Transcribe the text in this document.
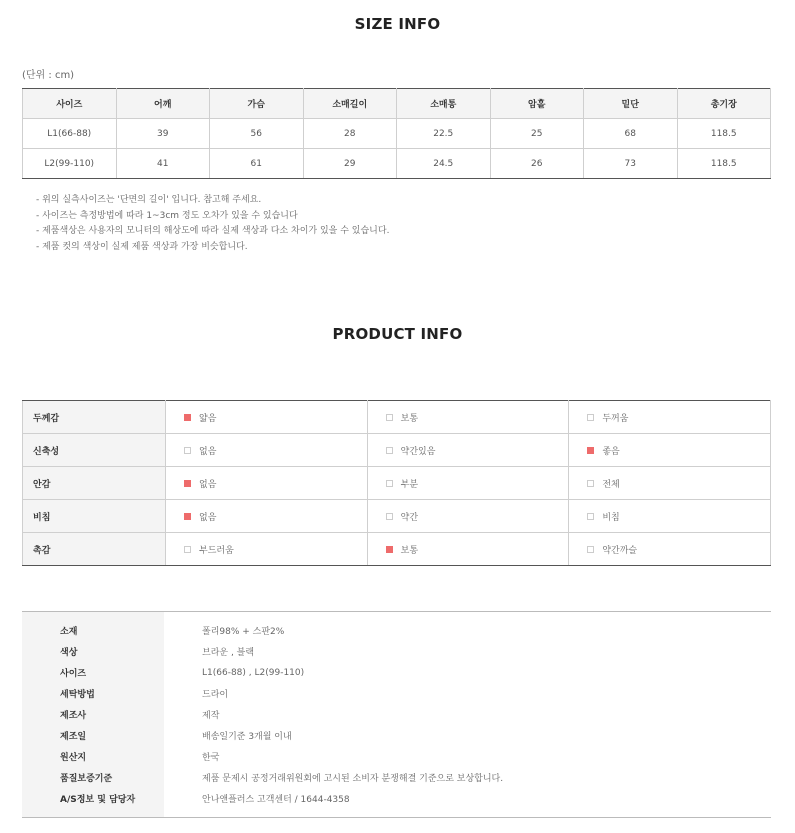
SIZE INFO
(단위 : cm)
사이즈	어깨	가슴	소매길이	소매통	암홀	밑단	총기장
L1(66-88)	39	56	28	22.5	25	68	118.5
L2(99-110)	41	61	29	24.5	26	73	118.5
- 위의 실측사이즈는 '단면의 길이' 입니다. 참고해 주세요.
- 사이즈는 측정방법에 따라 1~3cm 정도 오차가 있을 수 있습니다
- 제품색상은 사용자의 모니터의 해상도에 따라 실제 색상과 다소 차이가 있을 수 있습니다.
- 제품 컷의 색상이 실제 제품 색상과 가장 비슷합니다.
PRODUCT INFO
두께감	얇음	보통	두꺼움
신축성	없음	약간있음	좋음
안감	없음	부분	전체
비침	없음	약간	비침
촉감	부드러움	보통	약간까슬
소재	폴리98% + 스판2%
색상	브라운 , 블랙
사이즈	L1(66-88) , L2(99-110)
세탁방법	드라이
제조사	제작
제조일	배송일기준 3개월 이내
원산지	한국
품질보증기준	제품 문제시 공정거래위원회에 고시된 소비자 분쟁해결 기준으로 보상합니다.
A/S정보 및 담당자	안나앤플러스 고객센터 / 1644-4358
